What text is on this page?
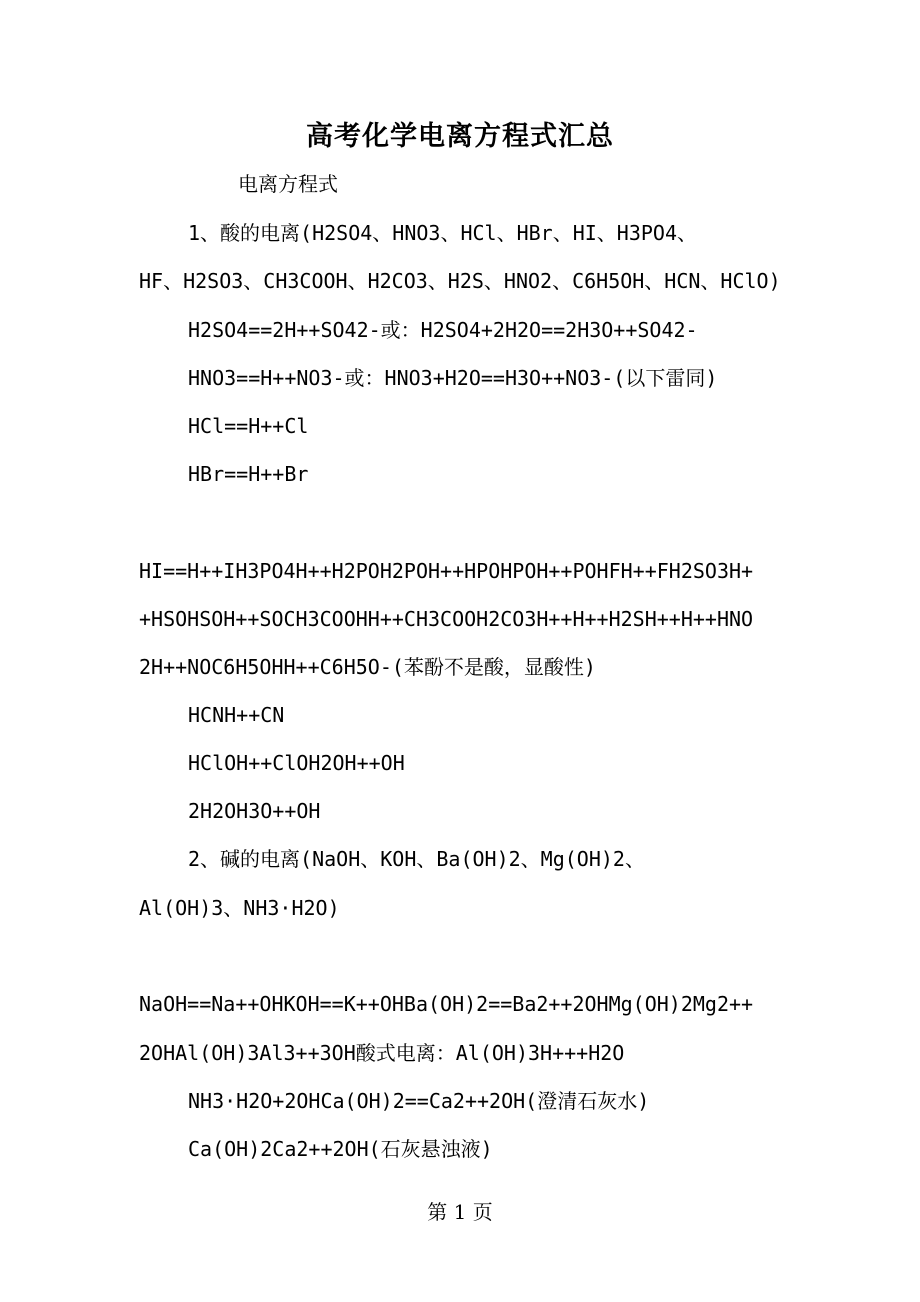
高考化学电离方程式汇总
电离方程式
1、酸的电离(H2SO4、HNO3、HCl、HBr、HI、H3PO4、
HF、H2SO3、CH3COOH、H2CO3、H2S、HNO2、C6H5OH、HCN、HClO)
H2SO4==2H++SO42-或：H2SO4+2H2O==2H3O++SO42-
HNO3==H++NO3-或：HNO3+H2O==H3O++NO3-(以下雷同)
HCl==H++Cl
HBr==H++Br
HI==H++IH3PO4H++H2POH2POH++HPOHPOH++POHFH++FH2SO3H+
+HSOHSOH++SOCH3COOHH++CH3COOH2CO3H++H++H2SH++H++HNO
2H++NOC6H5OHH++C6H5O-(苯酚不是酸，显酸性)
HCNH++CN
HClOH++ClOH2OH++OH
2H2OH3O++OH
2、碱的电离(NaOH、KOH、Ba(OH)2、Mg(OH)2、
Al(OH)3、NH3·H2O)
NaOH==Na++OHKOH==K++OHBa(OH)2==Ba2++2OHMg(OH)2Mg2++
2OHAl(OH)3Al3++3OH酸式电离：Al(OH)3H+++H2O
NH3·H2O+2OHCa(OH)2==Ca2++2OH(澄清石灰水)
Ca(OH)2Ca2++2OH(石灰悬浊液)
第 1 页
